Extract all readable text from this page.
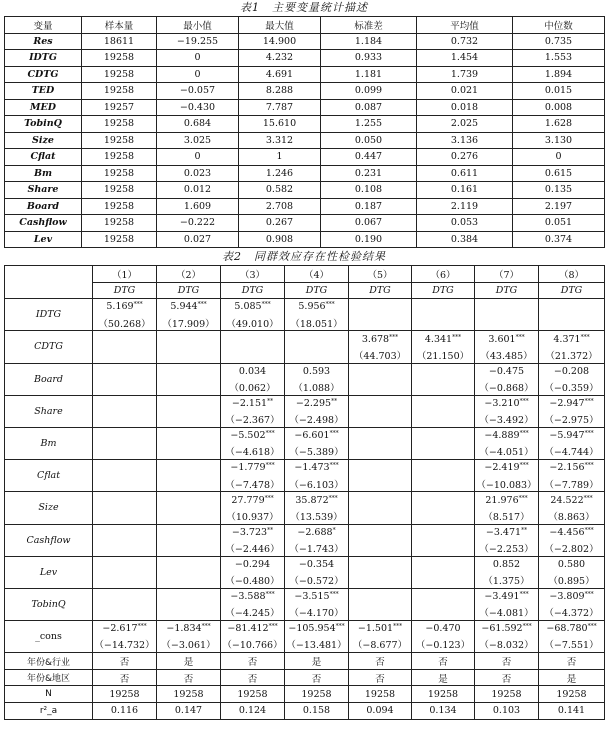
表1　主要变量统计描述
变量	样本量	最小值	最大值	标准差	平均值	中位数
Res	18611	−19.255	14.900	1.184	0.732	0.735
IDTG	19258	0	4.232	0.933	1.454	1.553
CDTG	19258	0	4.691	1.181	1.739	1.894
TED	19258	−0.057	8.288	0.099	0.021	0.015
MED	19257	−0.430	7.787	0.087	0.018	0.008
TobinQ	19258	0.684	15.610	1.255	2.025	1.628
Size	19258	3.025	3.312	0.050	3.136	3.130
Cflat	19258	0	1	0.447	0.276	0
Bm	19258	0.023	1.246	0.231	0.611	0.615
Share	19258	0.012	0.582	0.108	0.161	0.135
Board	19258	1.609	2.708	0.187	2.119	2.197
Cashflow	19258	−0.222	0.267	0.067	0.053	0.051
Lev	19258	0.027	0.908	0.190	0.384	0.374
表2　同群效应存在性检验结果
	（1）	（2）	（3）	（4）	（5）	（6）	（7）	（8）
	DTG	DTG	DTG	DTG	DTG	DTG	DTG	DTG
IDTG	5.169***	5.944***	5.085***	5.956***				
	（50.268）	（17.909）	（49.010）	（18.051）				
CDTG					3.678***	4.341***	3.601***	4.371***
					（44.703）	（21.150）	（43.485）	（21.372）
Board			0.034	0.593			−0.475	−0.208
			（0.062）	（1.088）			（−0.868）	（−0.359）
Share			−2.151**	−2.295**			−3.210***	−2.947***
			（−2.367）	（−2.498）			（−3.492）	（−2.975）
Bm			−5.502***	−6.601***			−4.889***	−5.947***
			（−4.618）	（−5.389）			（−4.051）	（−4.744）
Cflat			−1.779***	−1.473***			−2.419***	−2.156***
			（−7.478）	（−6.103）			（−10.083）	（−7.789）
Size			27.779***	35.872***			21.976***	24.522***
			（10.937）	（13.539）			（8.517）	（8.863）
Cashflow			−3.723**	−2.688*			−3.471**	−4.456***
			（−2.446）	（−1.743）			（−2.253）	（−2.802）
Lev			−0.294	−0.354			0.852	0.580
			（−0.480）	（−0.572）			（1.375）	（0.895）
TobinQ			−3.588***	−3.515***			−3.491***	−3.809***
			（−4.245）	（−4.170）			（−4.081）	（−4.372）
_cons	−2.617***	−1.834***	−81.412***	−105.954***	−1.501***	−0.470	−61.592***	−68.780***
	（−14.732）	（−3.061）	（−10.766）	（−13.481）	（−8.677）	（−0.123）	（−8.032）	（−7.551）
年份&行业	否	是	否	是	否	否	否	否
年份&地区	否	否	否	否	否	是	否	是
N	19258	19258	19258	19258	19258	19258	19258	19258
r²_a	0.116	0.147	0.124	0.158	0.094	0.134	0.103	0.141
